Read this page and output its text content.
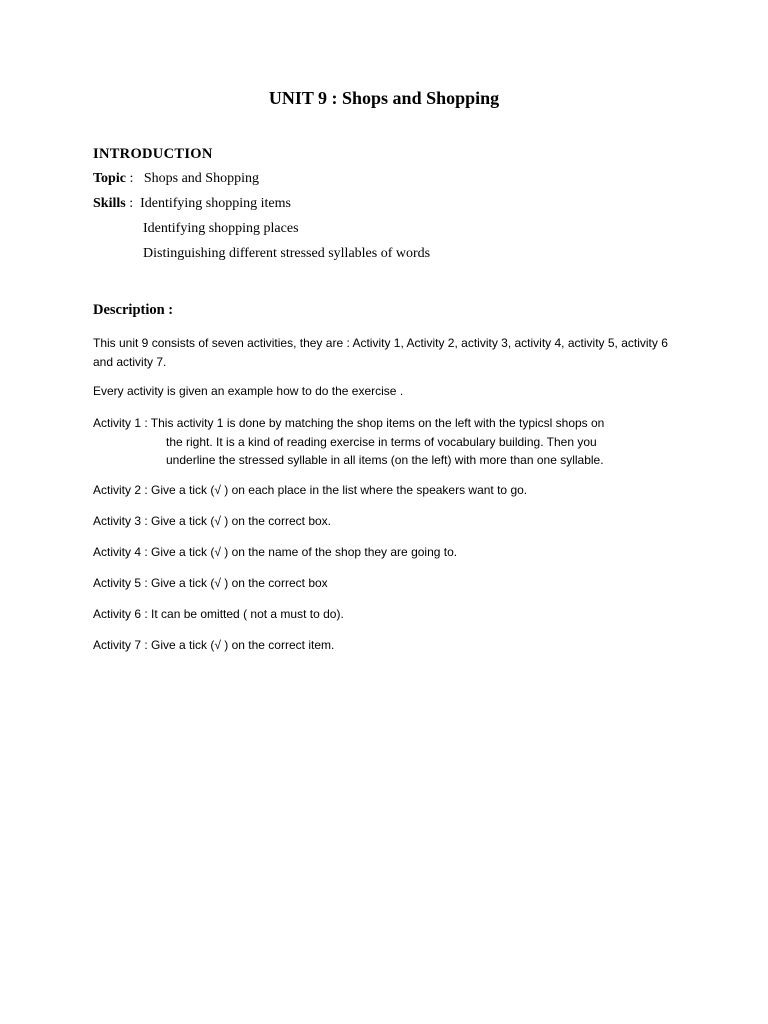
UNIT 9 : Shops and Shopping
INTRODUCTION
Topic :   Shops and Shopping
Skills :  Identifying shopping items
Identifying shopping places
Distinguishing different stressed syllables of words
Description :
This unit 9 consists of seven activities, they are : Activity 1, Activity 2, activity 3, activity 4, activity 5, activity 6 and activity 7.
Every activity is given an example how to do the exercise .
Activity 1 : This activity 1 is done by matching the shop items on the left with the typicsl shops on
the right. It is a kind of reading exercise in terms of vocabulary building. Then you
underline the stressed syllable in all items (on the left) with more than one syllable.
Activity 2 : Give a tick (√ ) on each place in the list where the speakers want to go.
Activity 3 : Give a tick (√ ) on the correct box.
Activity 4 : Give a tick (√ ) on the name of the shop they are going to.
Activity 5 : Give a tick (√ ) on the correct box
Activity 6 : It can be omitted ( not a must to do).
Activity 7 : Give a tick (√ ) on the correct item.
